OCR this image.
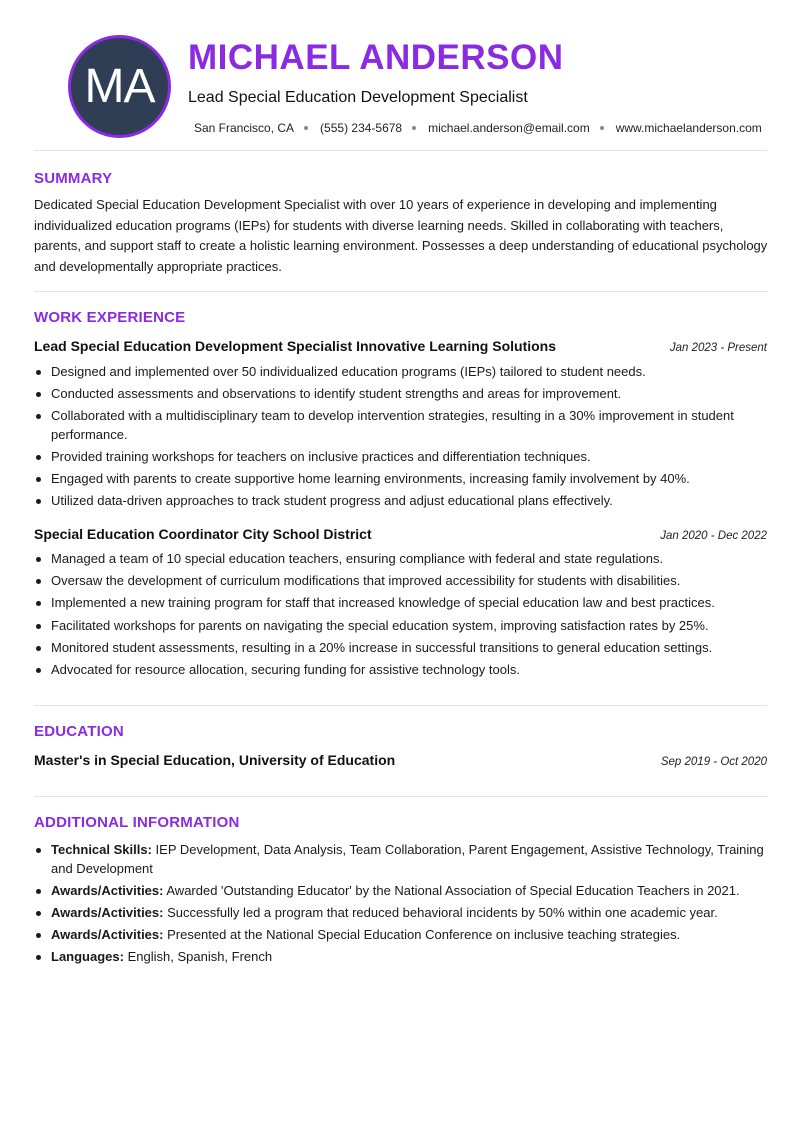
MA
MICHAEL ANDERSON
Lead Special Education Development Specialist
San Francisco, CA (555) 234-5678 michael.anderson@email.com www.michaelanderson.com
SUMMARY
Dedicated Special Education Development Specialist with over 10 years of experience in developing and implementing individualized education programs (IEPs) for students with diverse learning needs. Skilled in collaborating with teachers, parents, and support staff to create a holistic learning environment. Possesses a deep understanding of educational psychology and developmentally appropriate practices.
WORK EXPERIENCE
Lead Special Education Development Specialist Innovative Learning Solutions	Jan 2023 - Present
Designed and implemented over 50 individualized education programs (IEPs) tailored to student needs.
Conducted assessments and observations to identify student strengths and areas for improvement.
Collaborated with a multidisciplinary team to develop intervention strategies, resulting in a 30% improvement in student performance.
Provided training workshops for teachers on inclusive practices and differentiation techniques.
Engaged with parents to create supportive home learning environments, increasing family involvement by 40%.
Utilized data-driven approaches to track student progress and adjust educational plans effectively.
Special Education Coordinator City School District	Jan 2020 - Dec 2022
Managed a team of 10 special education teachers, ensuring compliance with federal and state regulations.
Oversaw the development of curriculum modifications that improved accessibility for students with disabilities.
Implemented a new training program for staff that increased knowledge of special education law and best practices.
Facilitated workshops for parents on navigating the special education system, improving satisfaction rates by 25%.
Monitored student assessments, resulting in a 20% increase in successful transitions to general education settings.
Advocated for resource allocation, securing funding for assistive technology tools.
EDUCATION
Master's in Special Education, University of Education	Sep 2019 - Oct 2020
ADDITIONAL INFORMATION
Technical Skills: IEP Development, Data Analysis, Team Collaboration, Parent Engagement, Assistive Technology, Training and Development
Awards/Activities: Awarded 'Outstanding Educator' by the National Association of Special Education Teachers in 2021.
Awards/Activities: Successfully led a program that reduced behavioral incidents by 50% within one academic year.
Awards/Activities: Presented at the National Special Education Conference on inclusive teaching strategies.
Languages: English, Spanish, French
